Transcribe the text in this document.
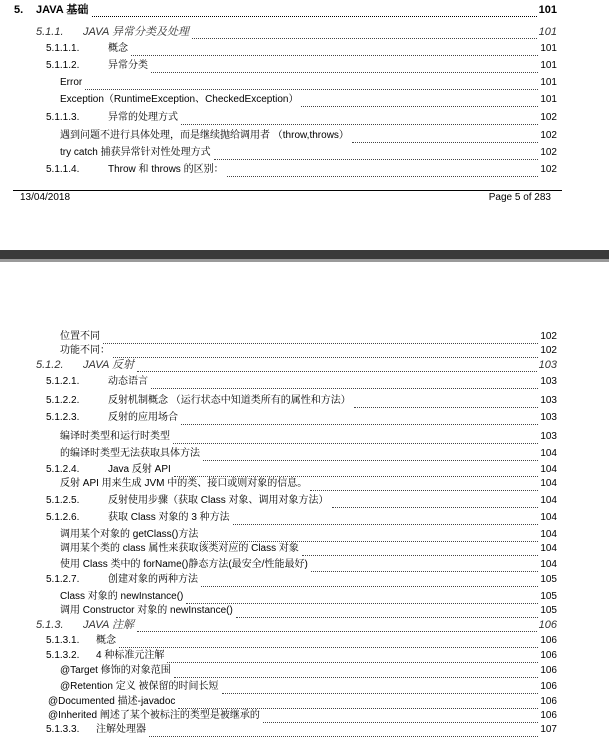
5. JAVA 基础	101
5.1.1. JAVA 异常分类及处理	101
5.1.1.1.	概念	101
5.1.1.2.	异常分类	101
Error	101
Exception（RuntimeException、CheckedException）	101
5.1.1.3.	异常的处理方式	102
遇到问题不进行具体处理，而是继续抛给调用者 （throw,throws）	102
try catch 捕获异常针对性处理方式	102
5.1.1.4.	Throw 和 throws 的区别：	102
13/04/2018	Page 5 of 283
位置不同	102
功能不同：	102
5.1.2. JAVA 反射	103
5.1.2.1.	动态语言	103
5.1.2.2.	反射机制概念 （运行状态中知道类所有的属性和方法）	103
5.1.2.3.	反射的应用场合	103
编译时类型和运行时类型	103
的编译时类型无法获取具体方法	104
5.1.2.4.	Java 反射 API	104
反射 API 用来生成 JVM 中的类、接口或则对象的信息。	104
5.1.2.5.	反射使用步骤（获取 Class 对象、调用对象方法）	104
5.1.2.6.	获取 Class 对象的 3 种方法	104
调用某个对象的 getClass()方法	104
调用某个类的 class 属性来获取该类对应的 Class 对象	104
使用 Class 类中的 forName()静态方法(最安全/性能最好)	104
5.1.2.7.	创建对象的两种方法	105
Class 对象的 newInstance()	105
调用 Constructor 对象的 newInstance()	105
5.1.3. JAVA 注解	106
5.1.3.1. 概念	106
5.1.3.2. 4 种标准元注解	106
@Target 修饰的对象范围	106
@Retention 定义 被保留的时间长短	106
@Documented 描述-javadoc	106
@Inherited 阐述了某个被标注的类型是被继承的	106
5.1.3.3. 注解处理器	107
